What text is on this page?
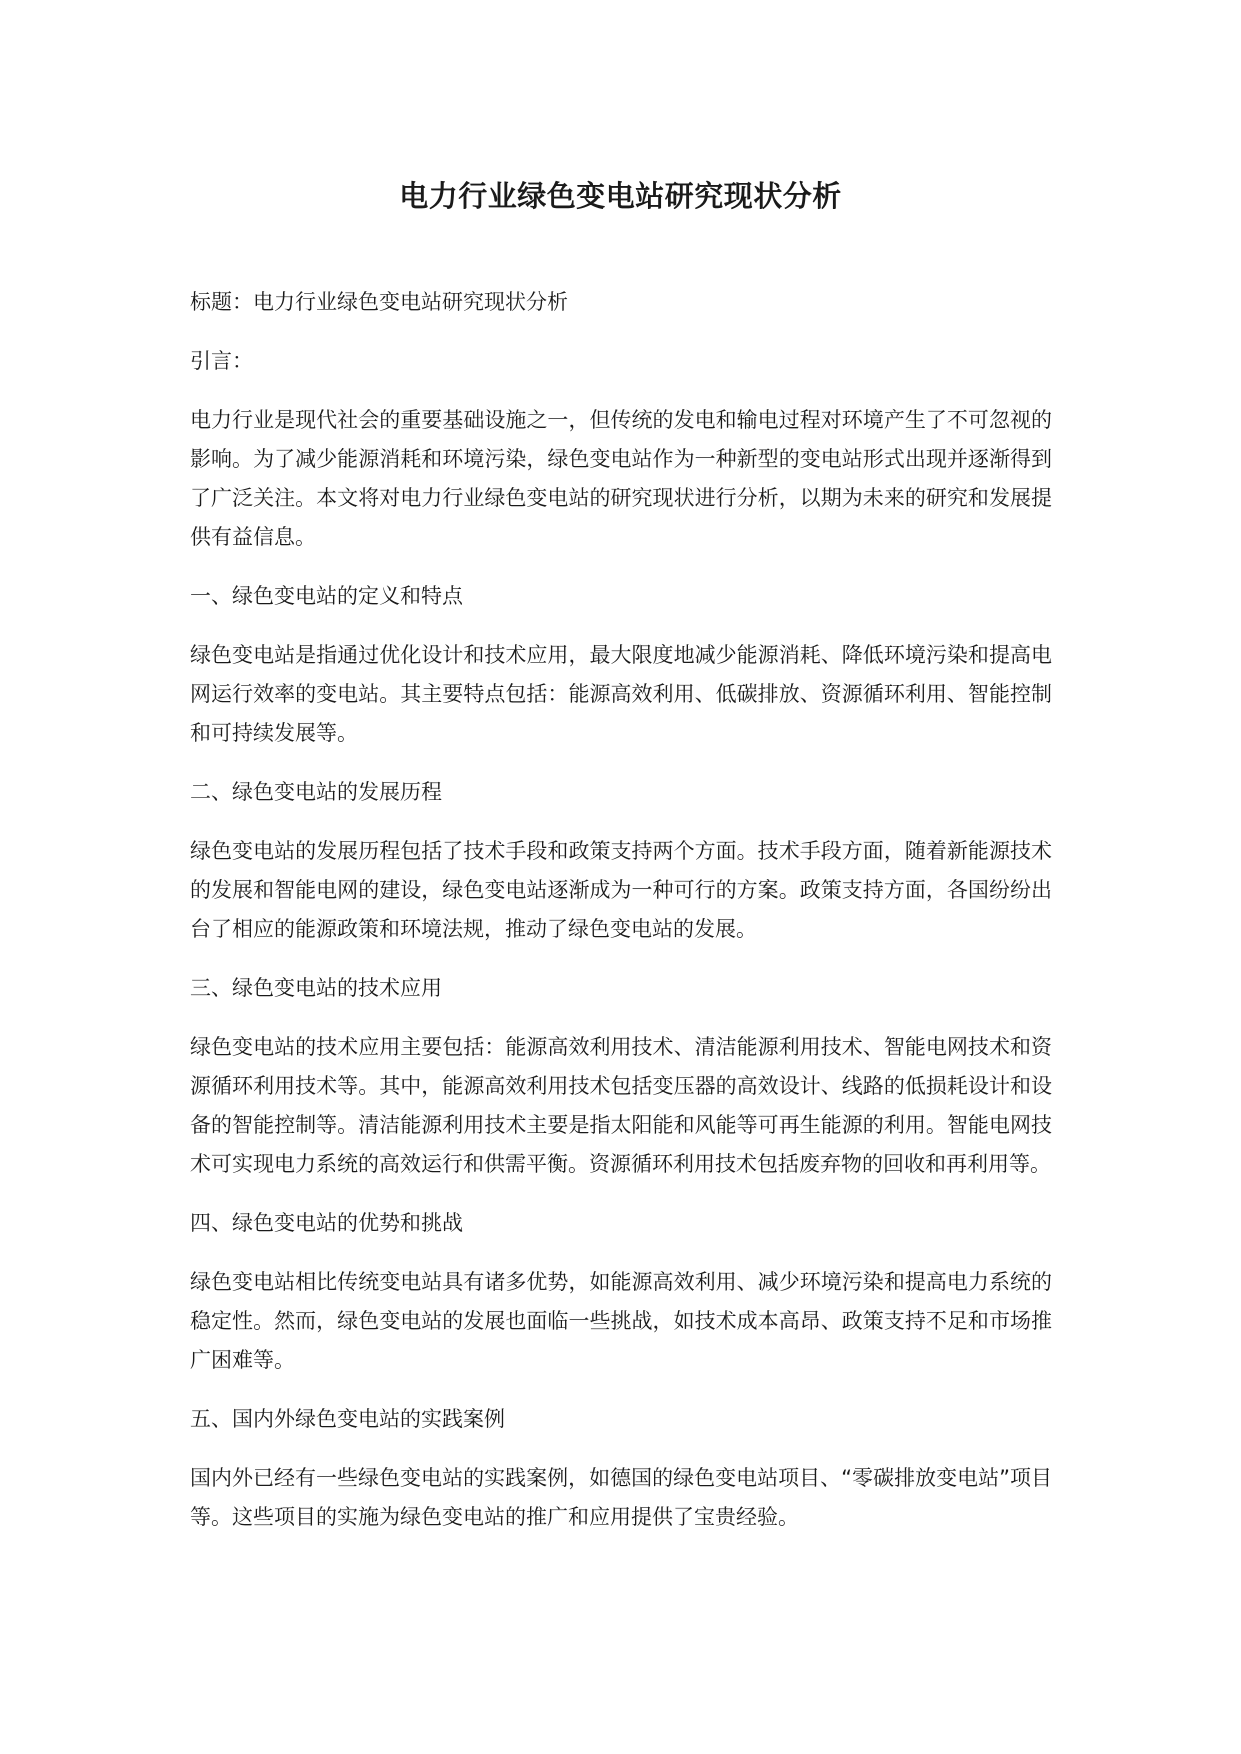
电力行业绿色变电站研究现状分析

标题：电力行业绿色变电站研究现状分析

引言：

电力行业是现代社会的重要基础设施之一，但传统的发电和输电过程对环境产生了不可忽视的影响。为了减少能源消耗和环境污染，绿色变电站作为一种新型的变电站形式出现并逐渐得到了广泛关注。本文将对电力行业绿色变电站的研究现状进行分析，以期为未来的研究和发展提供有益信息。

一、绿色变电站的定义和特点

绿色变电站是指通过优化设计和技术应用，最大限度地减少能源消耗、降低环境污染和提高电网运行效率的变电站。其主要特点包括：能源高效利用、低碳排放、资源循环利用、智能控制和可持续发展等。

二、绿色变电站的发展历程

绿色变电站的发展历程包括了技术手段和政策支持两个方面。技术手段方面，随着新能源技术的发展和智能电网的建设，绿色变电站逐渐成为一种可行的方案。政策支持方面，各国纷纷出台了相应的能源政策和环境法规，推动了绿色变电站的发展。

三、绿色变电站的技术应用

绿色变电站的技术应用主要包括：能源高效利用技术、清洁能源利用技术、智能电网技术和资源循环利用技术等。其中，能源高效利用技术包括变压器的高效设计、线路的低损耗设计和设备的智能控制等。清洁能源利用技术主要是指太阳能和风能等可再生能源的利用。智能电网技术可实现电力系统的高效运行和供需平衡。资源循环利用技术包括废弃物的回收和再利用等。

四、绿色变电站的优势和挑战

绿色变电站相比传统变电站具有诸多优势，如能源高效利用、减少环境污染和提高电力系统的稳定性。然而，绿色变电站的发展也面临一些挑战，如技术成本高昂、政策支持不足和市场推广困难等。

五、国内外绿色变电站的实践案例

国内外已经有一些绿色变电站的实践案例，如德国的绿色变电站项目、“零碳排放变电站”项目等。这些项目的实施为绿色变电站的推广和应用提供了宝贵经验。
